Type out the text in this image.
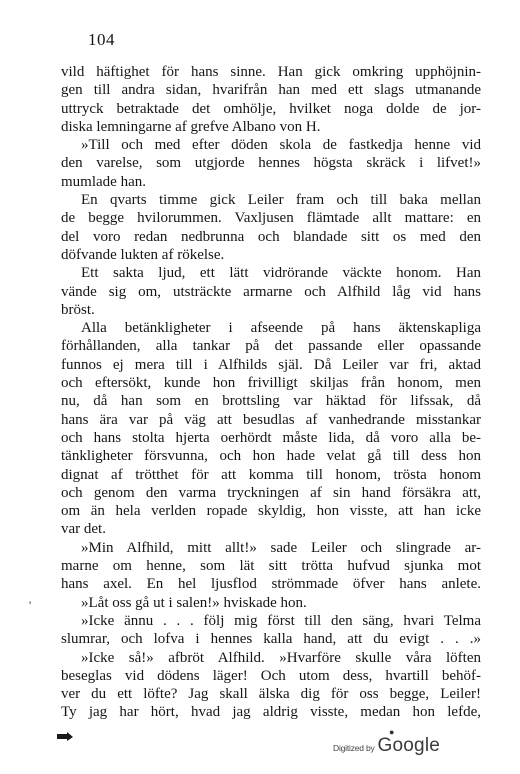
104
vild häftighet för hans sinne. Han gick omkring upphöjnin-
gen till andra sidan, hvarifrån han med ett slags utmanande
uttryck betraktade det omhölje, hvilket noga dolde de jor-
diska lemningarne af grefve Albano von H.
»Till och med efter döden skola de fastkedja henne vid
den varelse, som utgjorde hennes högsta skräck i lifvet!»
mumlade han.
En qvarts timme gick Leiler fram och till baka mellan
de begge hvilorummen. Vaxljusen flämtade allt mattare: en
del voro redan nedbrunna och blandade sitt os med den
döfvande lukten af rökelse.
Ett sakta ljud, ett lätt vidrörande väckte honom. Han
vände sig om, utsträckte armarne och Alfhild låg vid hans
bröst.
Alla betänkligheter i afseende på hans äktenskapliga
förhållanden, alla tankar på det passande eller opassande
funnos ej mera till i Alfhilds själ. Då Leiler var fri, aktad
och eftersökt, kunde hon frivilligt skiljas från honom, men
nu, då han som en brottsling var häktad för lifssak, då
hans ära var på väg att besudlas af vanhedrande misstankar
och hans stolta hjerta oerhördt måste lida, då voro alla be-
tänkligheter försvunna, och hon hade velat gå till dess hon
dignat af trötthet för att komma till honom, trösta honom
och genom den varma tryckningen af sin hand försäkra att,
om än hela verlden ropade skyldig, hon visste, att han icke
var det.
»Min Alfhild, mitt allt!» sade Leiler och slingrade ar-
marne om henne, som lät sitt trötta hufvud sjunka mot
hans axel. En hel ljusflod strömmade öfver hans anlete.
»Låt oss gå ut i salen!» hviskade hon.
»Icke ännu . . . följ mig först till den säng, hvari Telma
slumrar, och lofva i hennes kalla hand, att du evigt . . .»
»Icke så!» afbröt Alfhild. »Hvarföre skulle våra löften
beseglas vid dödens läger! Och utom dess, hvartill behöf-
ver du ett löfte? Jag skall älska dig för oss begge, Leiler!
Ty jag har hört, hvad jag aldrig visste, medan hon lefde,
'
●
Digitized by Google
